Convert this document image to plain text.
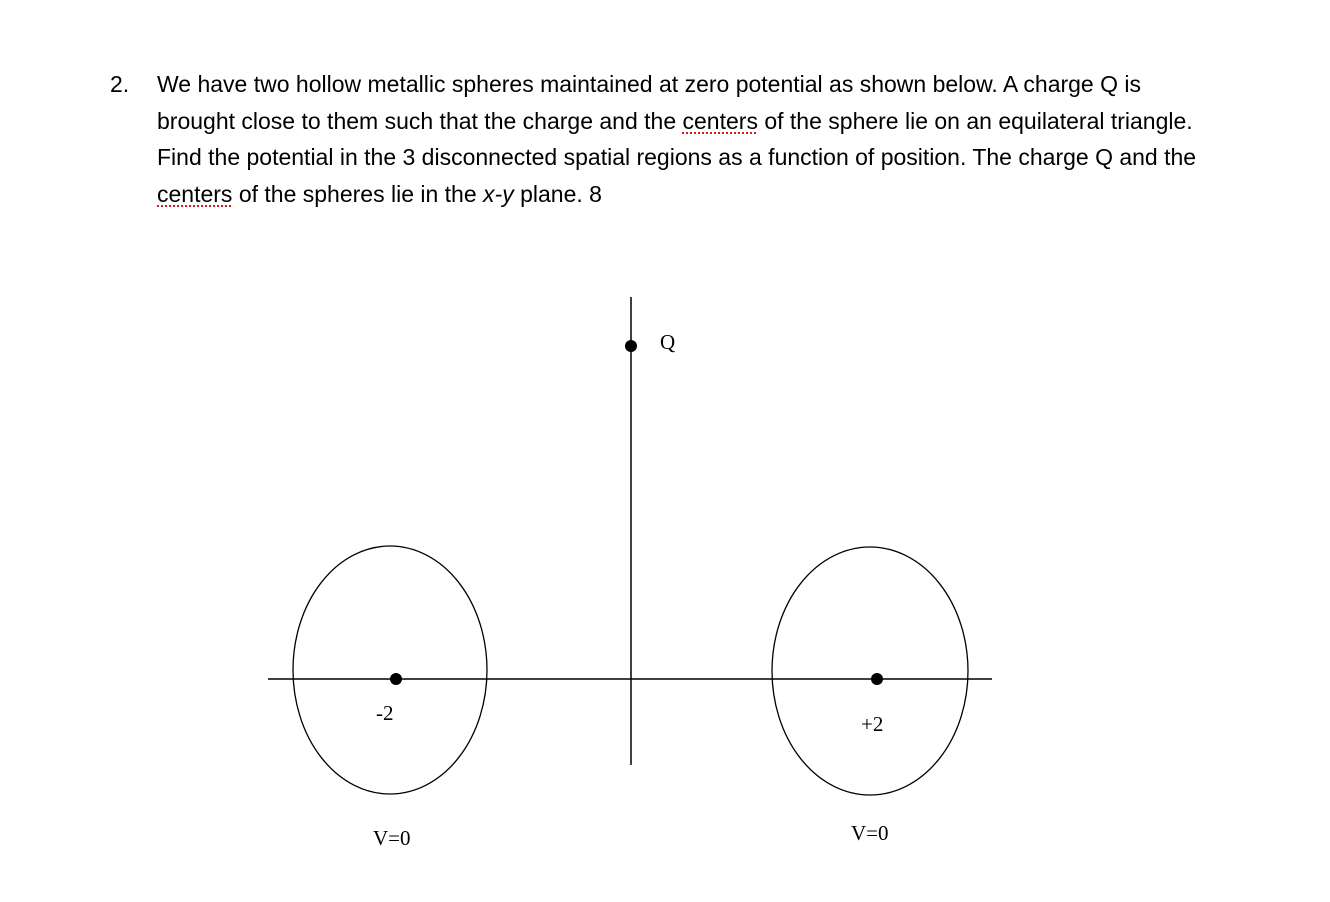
2. We have two hollow metallic spheres maintained at zero potential as shown below. A charge Q is brought close to them such that the charge and the centers of the sphere lie on an equilateral triangle. Find the potential in the 3 disconnected spatial regions as a function of position. The charge Q and the centers of the spheres lie in the x-y plane. 8
Q
-2	+2
V=0	V=0
